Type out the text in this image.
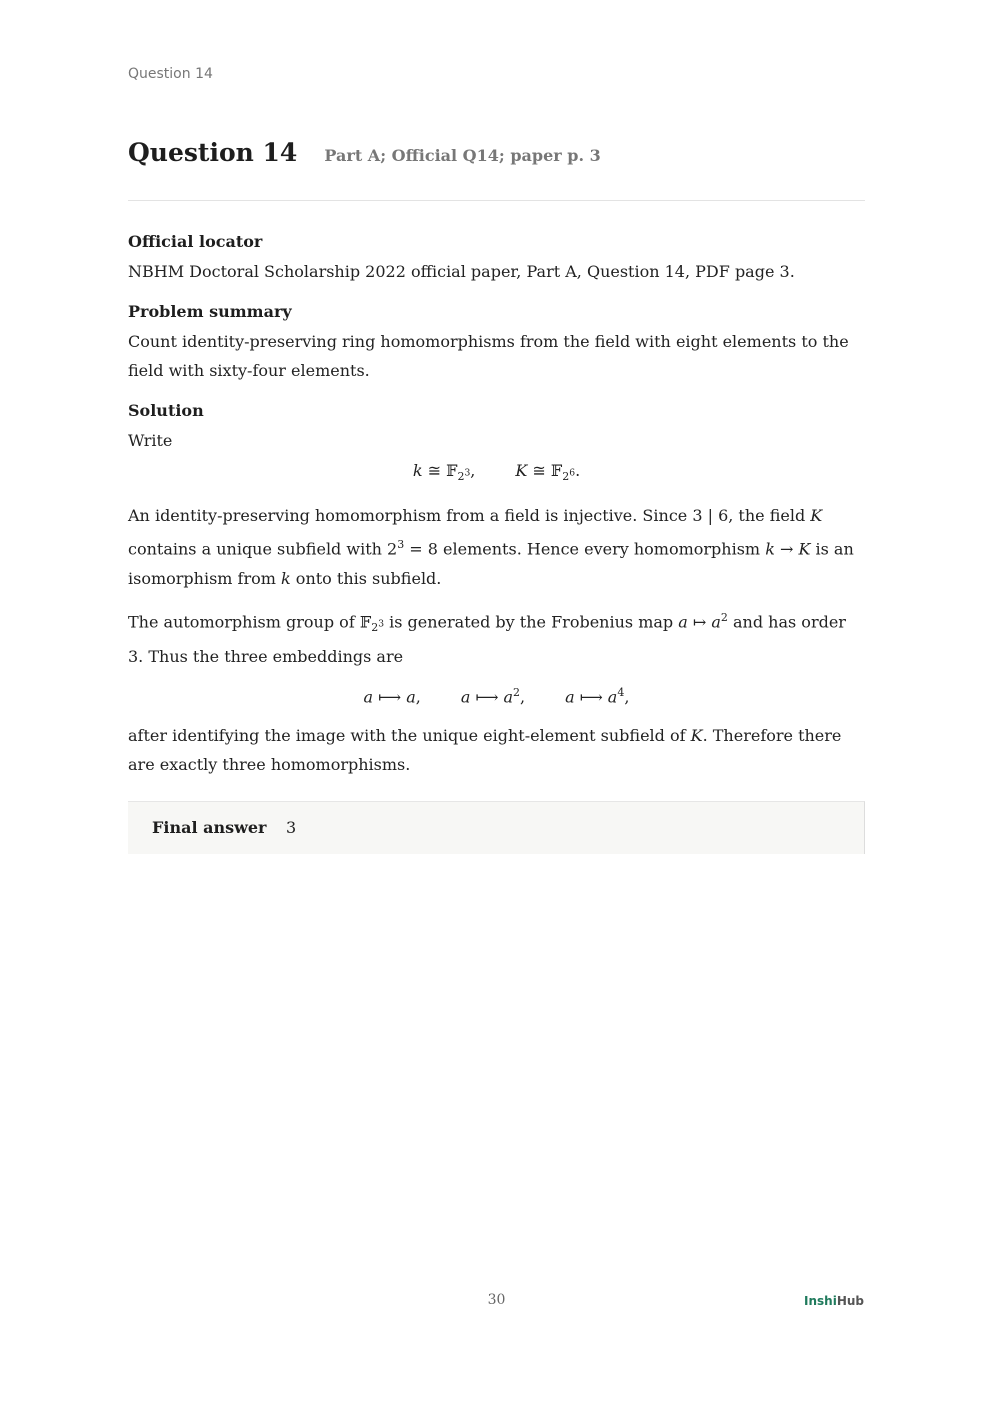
Question 14
Question 14 Part A; Official Q14; paper p. 3
Official locator

NBHM Doctoral Scholarship 2022 official paper, Part A, Question 14, PDF page 3.

Problem summary

Count identity-preserving ring homomorphisms from the field with eight elements to the field with sixty-four elements.

Solution

Write

k ≅ 𝔽$_{2^3}$,	K ≅ 𝔽$_{2^6}$.

An identity-preserving homomorphism from a field is injective. Since 3 | 6, the field K contains a unique subfield with $2^3 = 8$ elements. Hence every homomorphism k → K is an isomorphism from k onto this subfield.

The automorphism group of 𝔽$_{2^3}$ is generated by the Frobenius map a ↦ $a^2$ and has order 3. Thus the three embeddings are

a ⟼ a,	a ⟼ $a^2$,	a ⟼ $a^4$,

after identifying the image with the unique eight-element subfield of K. Therefore there are exactly three homomorphisms.

Final answer 3
30	InshiHub
